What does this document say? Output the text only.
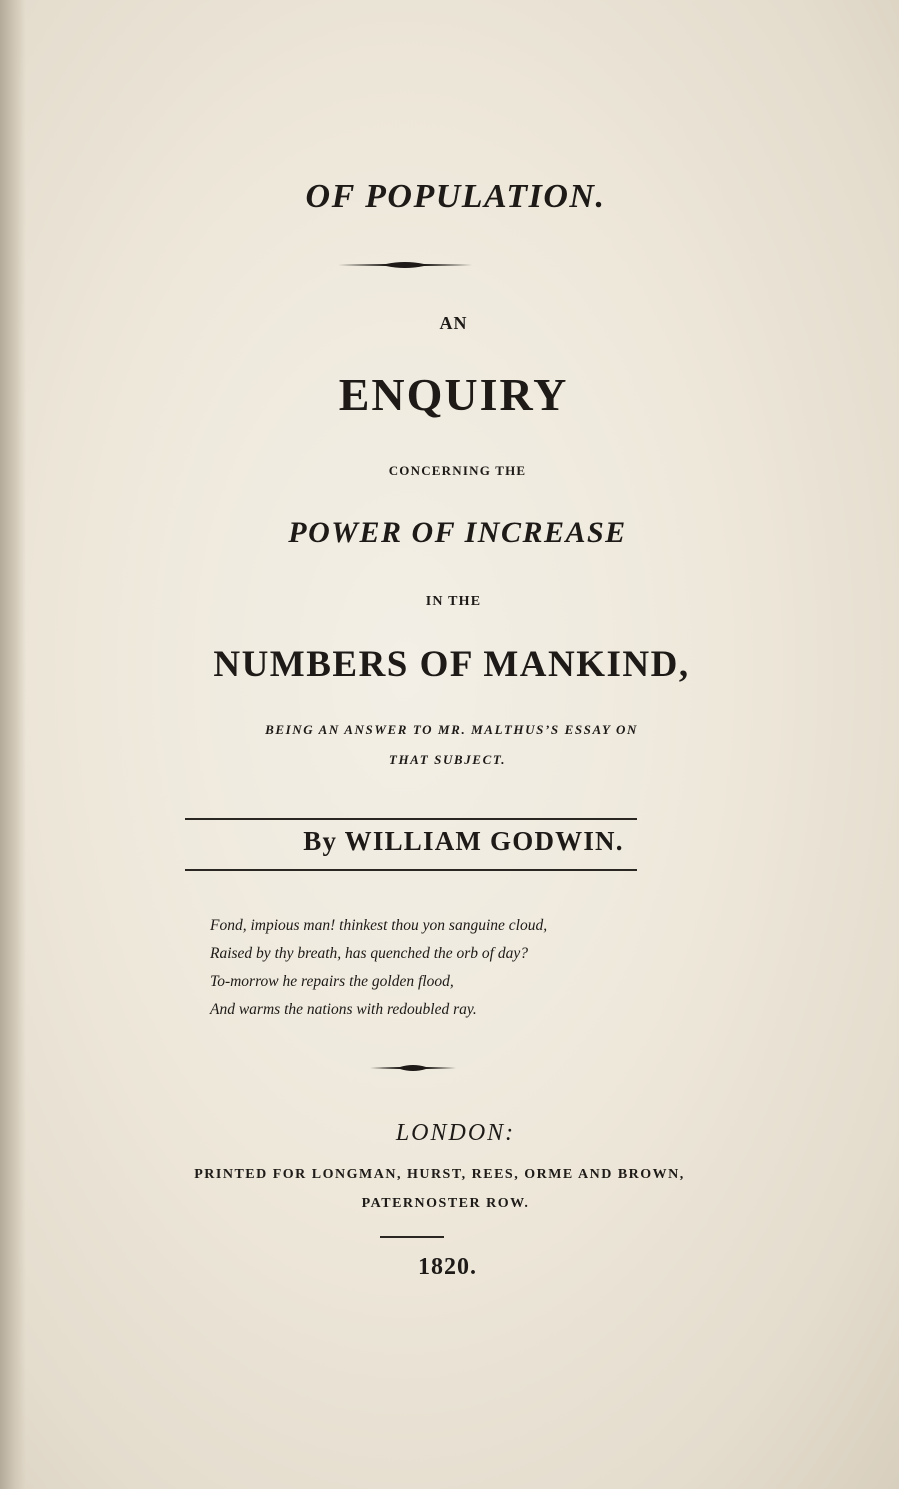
OF POPULATION.
AN
ENQUIRY
CONCERNING THE
POWER OF INCREASE
IN THE
NUMBERS OF MANKIND,
BEING AN ANSWER TO MR. MALTHUS’S ESSAY ON
THAT SUBJECT.
By WILLIAM GODWIN.
Fond, impious man! thinkest thou yon sanguine cloud,
Raised by thy breath, has quenched the orb of day?
To-morrow he repairs the golden flood,
And warms the nations with redoubled ray.
LONDON:
PRINTED FOR LONGMAN, HURST, REES, ORME AND BROWN,
PATERNOSTER ROW.
1820.
